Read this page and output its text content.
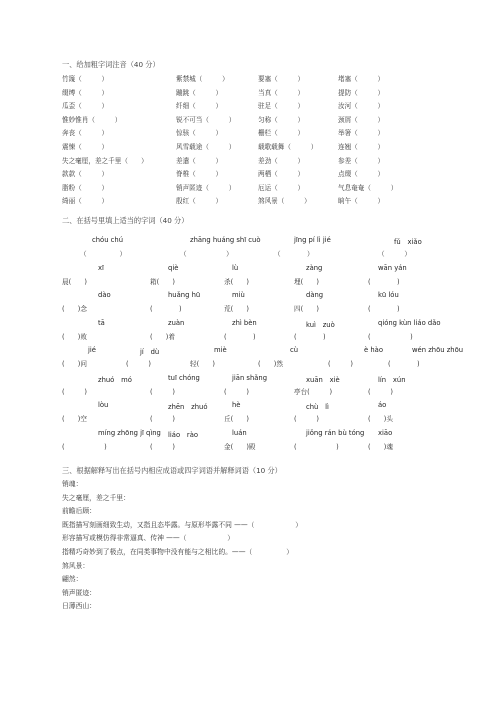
一、给加粗字词注音（40 分）
竹篾（　　　）	紫禁城（　　　）	要塞（　　　）	堵塞（　　　）
缀缚（　　　）	蹦跳（　　　）	当真（　　　）	提防（　　　）
瓜歪（　　　）	纤细（　　　）	驻足（　　　）	汝河（　　　）
惟妙惟肖（　　　）	锐不可当（　　　）	匀称（　　　）	颈屑（　　　）
奔丧（　　　）	惊骇（　　　）	栅栏（　　　）	举箸（　　　）
震悚（　　　）	风雪载途（　　　）	载歌载舞（　　　）	连翘（　　　）
失之毫厘，差之千里（　　）	差遣（　　　）	差劲（　　　）	参差（　　　）
款款（　　　）	脊椎（　　　）	两栖（　　　）	点缀（　　　）
脂粉（　　　）	销声匿迹（　　　）	厄运（　　　）	气息奄奄（　　　）
绮丽（　　　）	殷红（　　　）	煞风景（　　　）	晌午（　　　）
二、在括号里填上适当的字词（40 分）
chóu chú	zhāng huáng shī cuò	jīng pí lì jié	fǔ　xiǎo
（　　　　　）	（　　　　　　）	（　　　　）	（　　　）
xī	qiè	lù	zàng	wān yán
晨(　　)	箱(　　)	杀(　　)	埋(　　)	(　　　　)
dào	huǎng hū	miù	dàng	kū lóu
(　　)念	(　　　　)	荒(　　)	四(　　)	(　　　　)
tā	zuàn	zhì bèn	kuì　zuò	qióng kùn liáo dǎo
(　　)败	(　　)着	(　　　　)	(　　　　)	(　　　　　　)
jié	jí　dù	miè	cù	è hào	wén zhōu zhōu
(　　)问	(　　　)	轻(　　)	(　　)然	(　　　)	(　　　　)
zhuó　mó	tuī chóng	jiān shǎng	xuān　xiè	lín　xún
(　　　)	(　　　)	(　　　)	亭台(　　　)	(　　　)
lòu	zhēn　zhuó	hè	chù　lì	áo
(　　)空	(　　　)	丘(　　)	(　　　)	(　　)头
míng zhōng jī qìng liáo　rào	luán	jiǒng rán bù tóng xiāo
(　　　　　　)	(　　　)	金(　　)殿	(　　　　　　)	(　　)魂
三、根据解释写出在括号内相应成语或四字词语并解释词语（10 分）
销魂：
失之毫厘，差之千里：
前瞻后顾：
既指描写刻画细致生动，又指且态毕露。与原形毕露不同 ——（　　　　　　）
形容描写或模仿得非常逼真、传神 ——（　　　　　　）
指精巧奇妙到了极点，在同类事物中没有能与之相比的。——（　　　　　）
煞风景：
翩然：
销声匿迹：
日薄西山：
